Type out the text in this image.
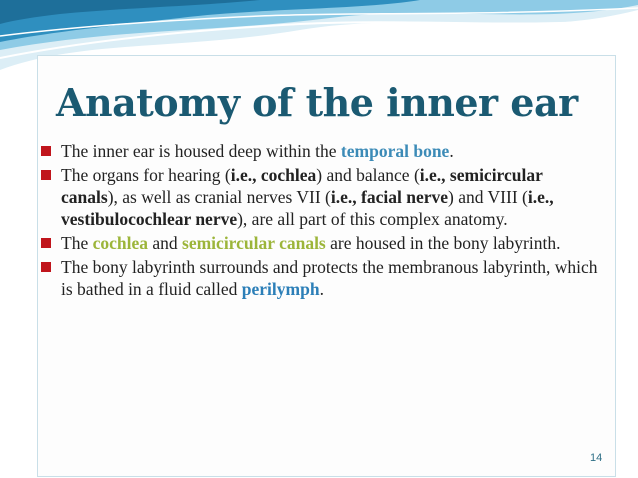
Anatomy of the inner ear
The inner ear is housed deep within the temporal bone.
The organs for hearing (i.e., cochlea) and balance (i.e., semicircular canals), as well as cranial nerves VII (i.e., facial nerve) and VIII (i.e., vestibulocochlear nerve), are all part of this complex anatomy.
The cochlea and semicircular canals are housed in the bony labyrinth.
The bony labyrinth surrounds and protects the membranous labyrinth, which is bathed in a fluid called perilymph.
14
